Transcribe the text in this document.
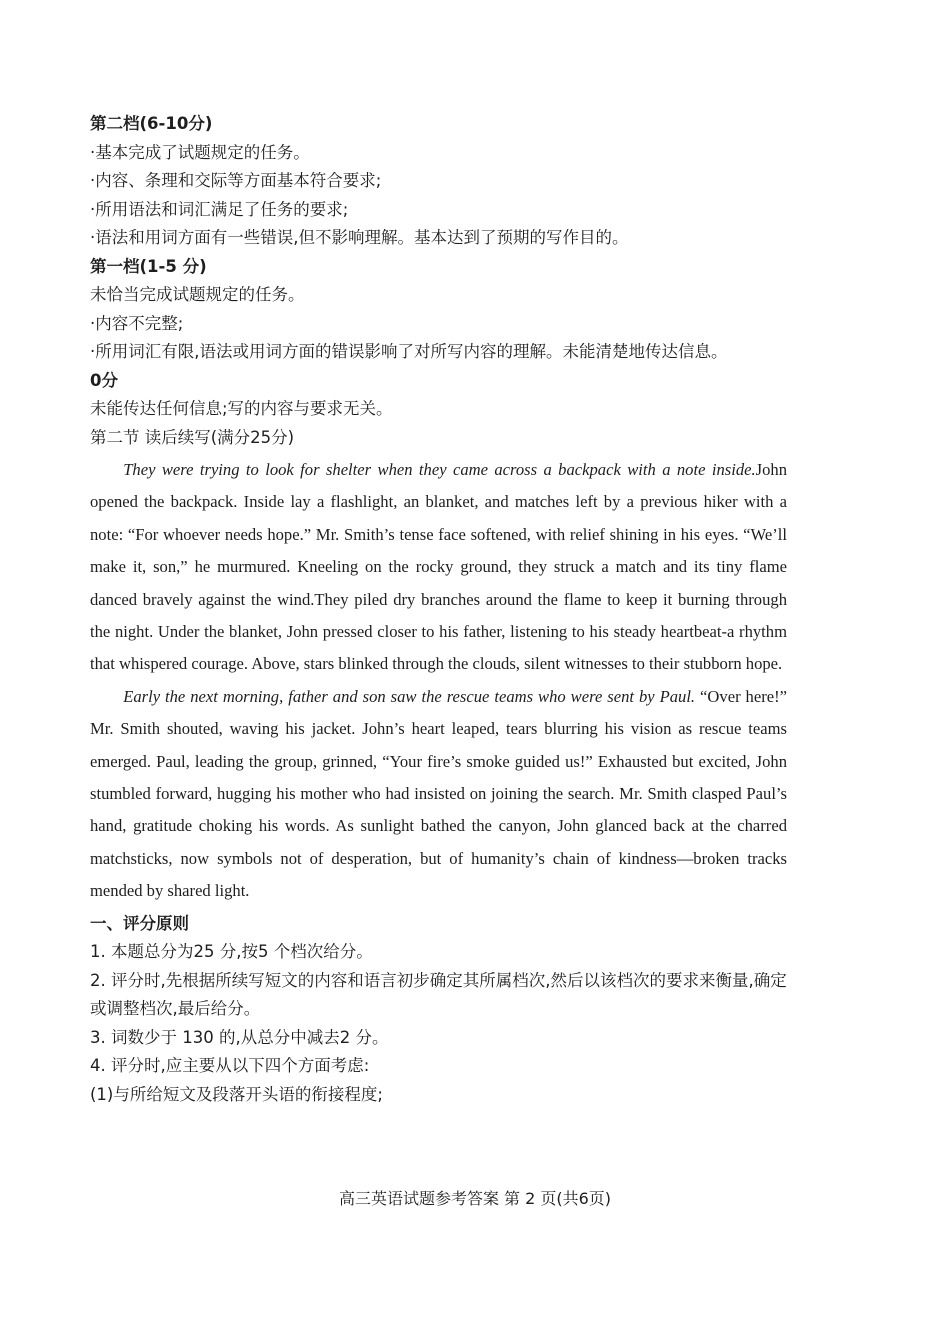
第二档(6-10分)

·基本完成了试题规定的任务。

·内容、条理和交际等方面基本符合要求;

·所用语法和词汇满足了任务的要求;

·语法和用词方面有一些错误,但不影响理解。基本达到了预期的写作目的。

第一档(1-5 分)

未恰当完成试题规定的任务。

·内容不完整;

·所用词汇有限,语法或用词方面的错误影响了对所写内容的理解。未能清楚地传达信息。

0分

未能传达任何信息;写的内容与要求无关。

第二节 读后续写(满分25分)

They were trying to look for shelter when they came across a backpack with a note inside.John opened the backpack. Inside lay a flashlight, an blanket, and matches left by a previous hiker with a note: “For whoever needs hope.” Mr. Smith’s tense face softened, with relief shining in his eyes. “We’ll make it, son,” he murmured. Kneeling on the rocky ground, they struck a match and its tiny flame danced bravely against the wind.They piled dry branches around the flame to keep it burning through the night. Under the blanket, John pressed closer to his father, listening to his steady heartbeat-a rhythm that whispered courage. Above, stars blinked through the clouds, silent witnesses to their stubborn hope.

Early the next morning, father and son saw the rescue teams who were sent by Paul. “Over here!” Mr. Smith shouted, waving his jacket. John’s heart leaped, tears blurring his vision as rescue teams emerged. Paul, leading the group, grinned, “Your fire’s smoke guided us!” Exhausted but excited, John stumbled forward, hugging his mother who had insisted on joining the search. Mr. Smith clasped Paul’s hand, gratitude choking his words. As sunlight bathed the canyon, John glanced back at the charred matchsticks, now symbols not of desperation, but of humanity’s chain of kindness—broken tracks mended by shared light.

一、评分原则

1. 本题总分为25 分,按5 个档次给分。

2. 评分时,先根据所续写短文的内容和语言初步确定其所属档次,然后以该档次的要求来衡量,确定或调整档次,最后给分。

3. 词数少于 130 的,从总分中减去2 分。

4. 评分时,应主要从以下四个方面考虑:

(1)与所给短文及段落开头语的衔接程度;

高三英语试题参考答案 第 2 页(共6页)
